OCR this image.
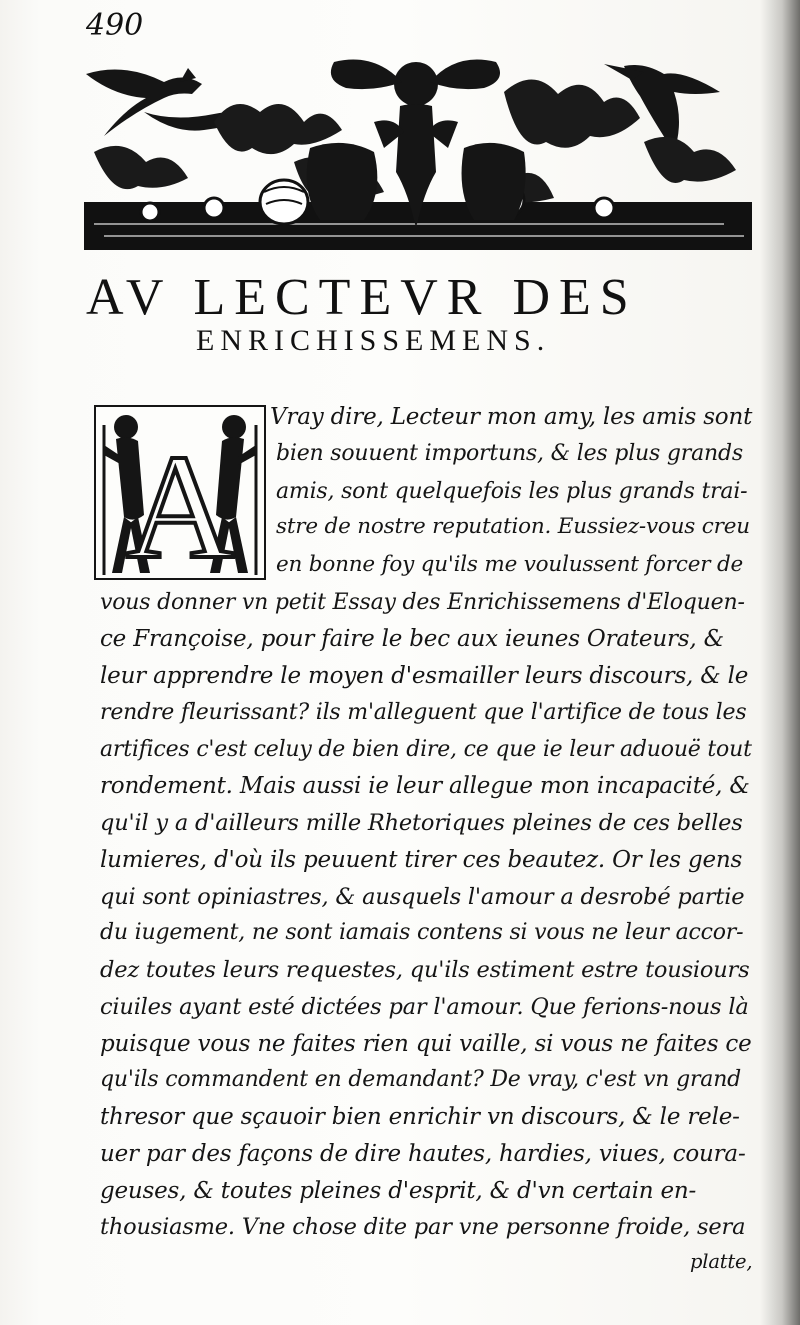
490
AV LECTEVR DES
ENRICHISSEMENS.
A
Vray dire, Lecteur mon amy, les amis sont
bien souuent importuns, & les plus grands
amis, sont quelquefois les plus grands trai-
stre de nostre reputation. Eussiez-vous creu
en bonne foy qu'ils me voulussent forcer de
vous donner vn petit Essay des Enrichissemens d'Eloquen-
ce Françoise, pour faire le bec aux ieunes Orateurs, &
leur apprendre le moyen d'esmailler leurs discours, & le
rendre fleurissant? ils m'alleguent que l'artifice de tous les
artifices c'est celuy de bien dire, ce que ie leur aduouë tout
rondement. Mais aussi ie leur allegue mon incapacité, &
qu'il y a d'ailleurs mille Rhetoriques pleines de ces belles
lumieres, d'où ils peuuent tirer ces beautez. Or les gens
qui sont opiniastres, & ausquels l'amour a desrobé partie
du iugement, ne sont iamais contens si vous ne leur accor-
dez toutes leurs requestes, qu'ils estiment estre tousiours
ciuiles ayant esté dictées par l'amour. Que ferions-nous là
puisque vous ne faites rien qui vaille, si vous ne faites ce
qu'ils commandent en demandant? De vray, c'est vn grand
thresor que sçauoir bien enrichir vn discours, & le rele-
uer par des façons de dire hautes, hardies, viues, coura-
geuses, & toutes pleines d'esprit, & d'vn certain en-
thousiasme. Vne chose dite par vne personne froide, sera
platte,
